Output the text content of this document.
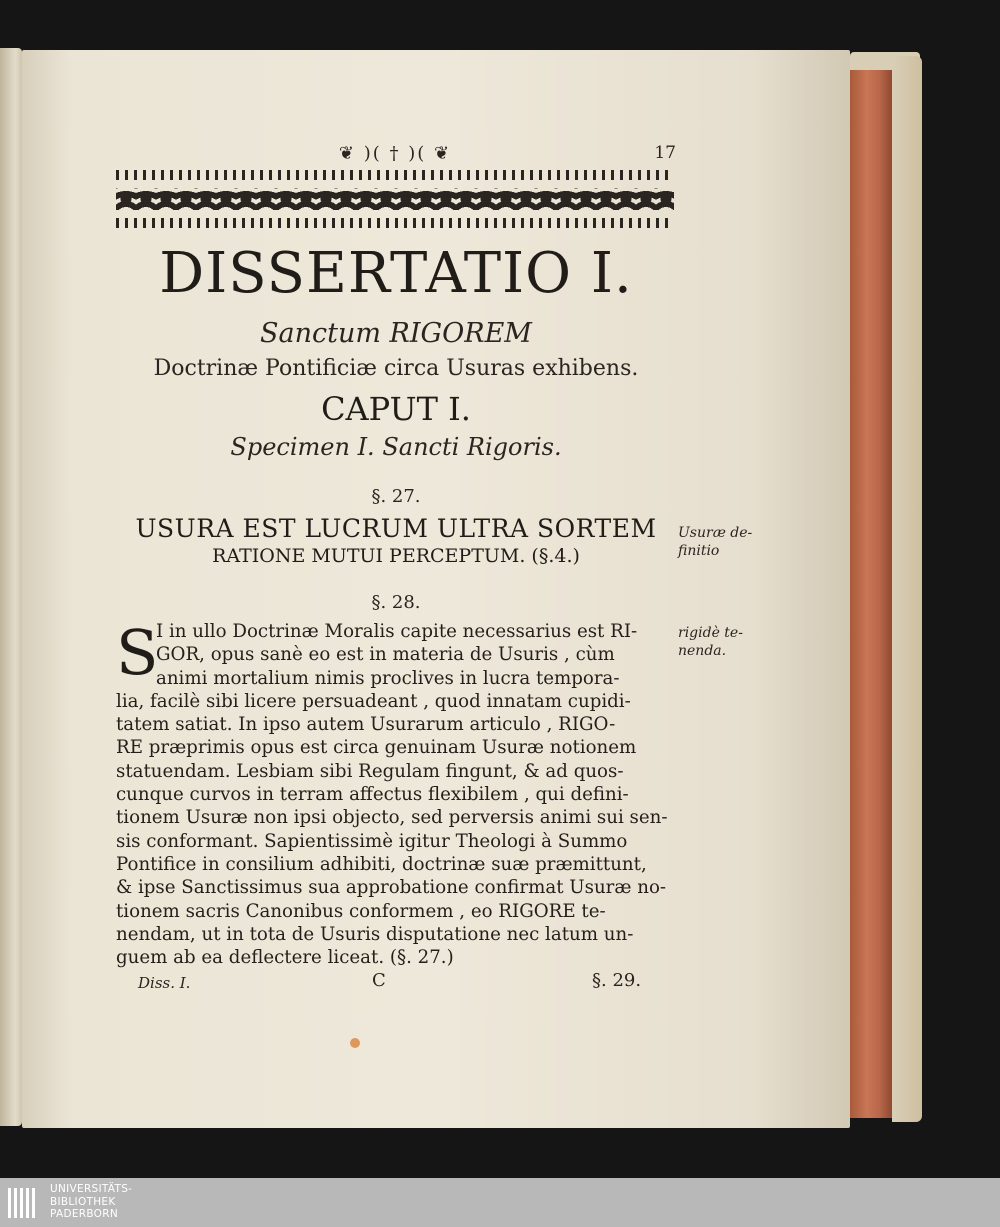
❦ )( † )( ❦	17
DISSERTATIO I.

Sanctum RIGOREM

Doctrinæ Pontificiæ circa Usuras exhibens.

CAPUT I.

Specimen I. Sancti Rigoris.

§. 27.

USURA EST LUCRUM ULTRA SORTEM
RATIONE MUTUI PERCEPTUM. (§.4.)

Usuræ de-
finitio

§. 28.

rigidè te-
nenda.
S

I in ullo Doctrinæ Moralis capite necessarius est RI-
GOR, opus sanè eo est in materia de Usuris , cùm
animi mortalium nimis proclives in lucra tempora-
lia, facilè sibi licere persuadeant , quod innatam cupidi-
tatem satiat. In ipso autem Usurarum articulo , RIGO-
RE præprimis opus est circa genuinam Usuræ notionem
statuendam. Lesbiam sibi Regulam fingunt, & ad quos-
cunque curvos in terram affectus flexibilem , qui defini-
tionem Usuræ non ipsi objecto, sed perversis animi sui sen-
sis conformant. Sapientissimè igitur Theologi à Summo
Pontifice in consilium adhibiti, doctrinæ suæ præmittunt,
& ipse Sanctissimus sua approbatione confirmat Usuræ no-
tionem sacris Canonibus conformem , eo RIGORE te-
nendam, ut in tota de Usuris disputatione nec latum un-
guem ab ea deflectere liceat. (§. 27.)

Diss. I.	C	§. 29.
UNIVERSITÄTS-
BIBLIOTHEK
PADERBORN
